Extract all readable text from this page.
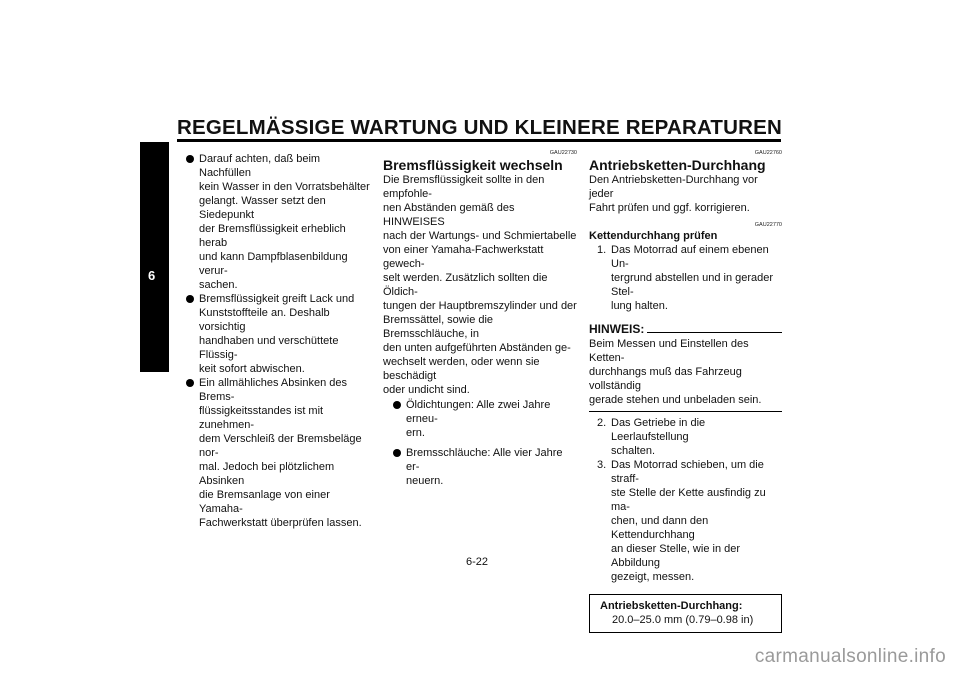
REGELMÄSSIGE WARTUNG UND KLEINERE REPARATUREN
6
Darauf achten, daß beim Nachfüllen
kein Wasser in den Vorratsbehälter
gelangt. Wasser setzt den Siedepunkt
der Bremsflüssigkeit erheblich herab
und kann Dampfblasenbildung verur-
sachen.
Bremsflüssigkeit greift Lack und
Kunststoffteile an. Deshalb vorsichtig
handhaben und verschüttete Flüssig-
keit sofort abwischen.
Ein allmähliches Absinken des Brems-
flüssigkeitsstandes ist mit zunehmen-
dem Verschleiß der Bremsbeläge nor-
mal. Jedoch bei plötzlichem Absinken
die Bremsanlage von einer Yamaha-
Fachwerkstatt überprüfen lassen.
GAU22730
Bremsflüssigkeit wechseln

Die Bremsflüssigkeit sollte in den empfohle-
nen Abständen gemäß des HINWEISES
nach der Wartungs- und Schmiertabelle
von einer Yamaha-Fachwerkstatt gewech-
selt werden. Zusätzlich sollten die Öldich-
tungen der Hauptbremszylinder und der
Bremssättel, sowie die Bremsschläuche, in
den unten aufgeführten Abständen ge-
wechselt werden, oder wenn sie beschädigt
oder undicht sind.

Öldichtungen: Alle zwei Jahre erneu-
ern.
Bremsschläuche: Alle vier Jahre er-
neuern.
GAU22760
Antriebsketten-Durchhang

Den Antriebsketten-Durchhang vor jeder
Fahrt prüfen und ggf. korrigieren.

GAU22770
Kettendurchhang prüfen
1. Das Motorrad auf einem ebenen Un-
tergrund abstellen und in gerader Stel-
lung halten.
HINWEIS:

Beim Messen und Einstellen des Ketten-
durchhangs muß das Fahrzeug vollständig
gerade stehen und unbeladen sein.

2. Das Getriebe in die Leerlaufstellung
schalten.
3. Das Motorrad schieben, um die straff-
ste Stelle der Kette ausfindig zu ma-
chen, und dann den Kettendurchhang
an dieser Stelle, wie in der Abbildung
gezeigt, messen.
Antriebsketten-Durchhang:
20.0–25.0 mm (0.79–0.98 in)
6-22
carmanualsonline.info
